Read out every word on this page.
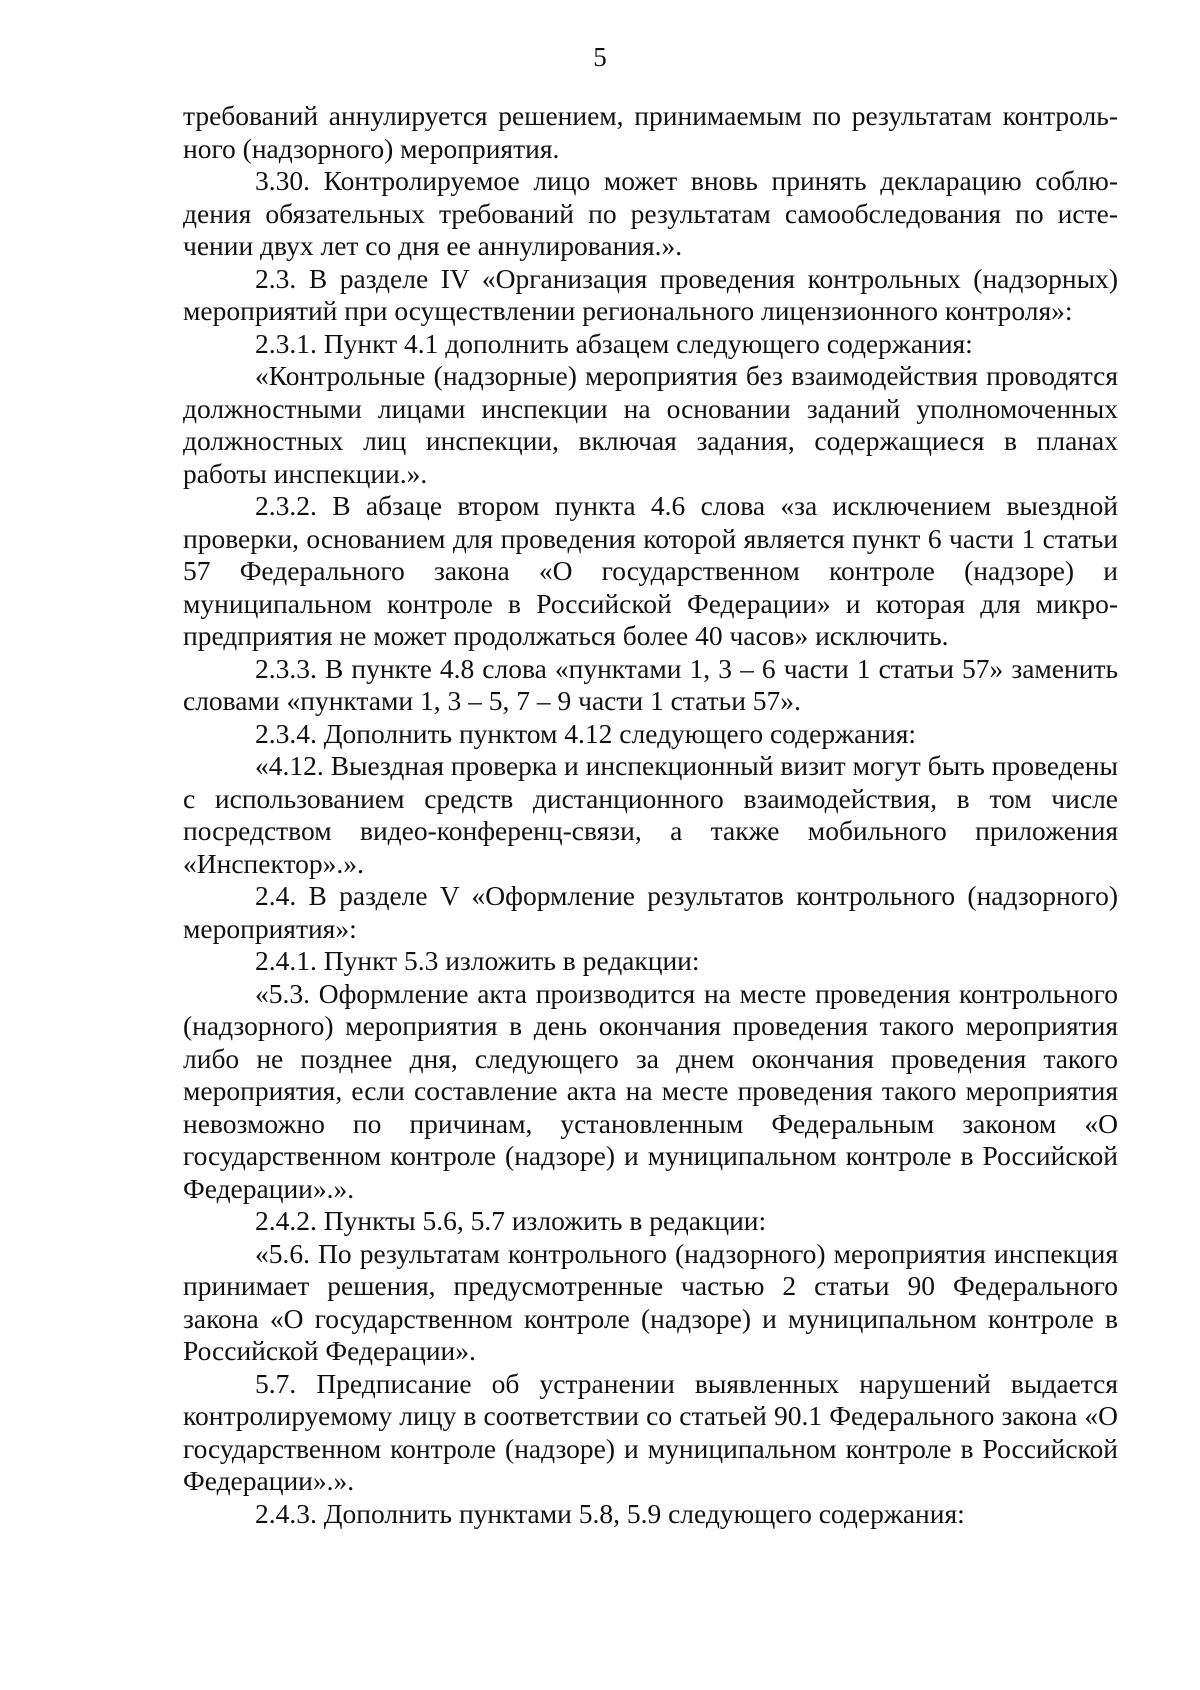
5

требований аннулируется решением, принимаемым по результатам контрольного (надзорного) мероприятия.

3.30. Контролируемое лицо может вновь принять декларацию соблюдения обязательных требований по результатам самообследования по истечении двух лет со дня ее аннулирования.».

2.3. В разделе IV «Организация проведения контрольных (надзорных) мероприятий при осуществлении регионального лицензионного контроля»:

2.3.1. Пункт 4.1 дополнить абзацем следующего содержания:

«Контрольные (надзорные) мероприятия без взаимодействия проводятся должностными лицами инспекции на основании заданий уполномоченных должностных лиц инспекции, включая задания, содержащиеся в планах работы инспекции.».

2.3.2. В абзаце втором пункта 4.6 слова «за исключением выездной проверки, основанием для проведения которой является пункт 6 части 1 статьи 57 Федерального закона «О государственном контроле (надзоре) и муниципальном контроле в Российской Федерации» и которая для микропредприятия не может продолжаться более 40 часов» исключить.

2.3.3. В пункте 4.8 слова «пунктами 1, 3 – 6 части 1 статьи 57» заменить словами «пунктами 1, 3 – 5, 7 – 9 части 1 статьи 57».

2.3.4. Дополнить пунктом 4.12 следующего содержания:

«4.12. Выездная проверка и инспекционный визит могут быть проведены с использованием средств дистанционного взаимодействия, в том числе посредством видео-конференц-связи, а также мобильного приложения «Инспектор».».

2.4. В разделе V «Оформление результатов контрольного (надзорного) мероприятия»:

2.4.1. Пункт 5.3 изложить в редакции:

«5.3. Оформление акта производится на месте проведения контрольного (надзорного) мероприятия в день окончания проведения такого мероприятия либо не позднее дня, следующего за днем окончания проведения такого мероприятия, если составление акта на месте проведения такого мероприятия невозможно по причинам, установленным Федеральным законом «О государственном контроле (надзоре) и муниципальном контроле в Российской Федерации».».

2.4.2. Пункты 5.6, 5.7 изложить в редакции:

«5.6. По результатам контрольного (надзорного) мероприятия инспекция принимает решения, предусмотренные частью 2 статьи 90 Федерального закона «О государственном контроле (надзоре) и муниципальном контроле в Российской Федерации».

5.7. Предписание об устранении выявленных нарушений выдается контролируемому лицу в соответствии со статьей 90.1 Федерального закона «О государственном контроле (надзоре) и муниципальном контроле в Российской Федерации».».

2.4.3. Дополнить пунктами 5.8, 5.9 следующего содержания:
